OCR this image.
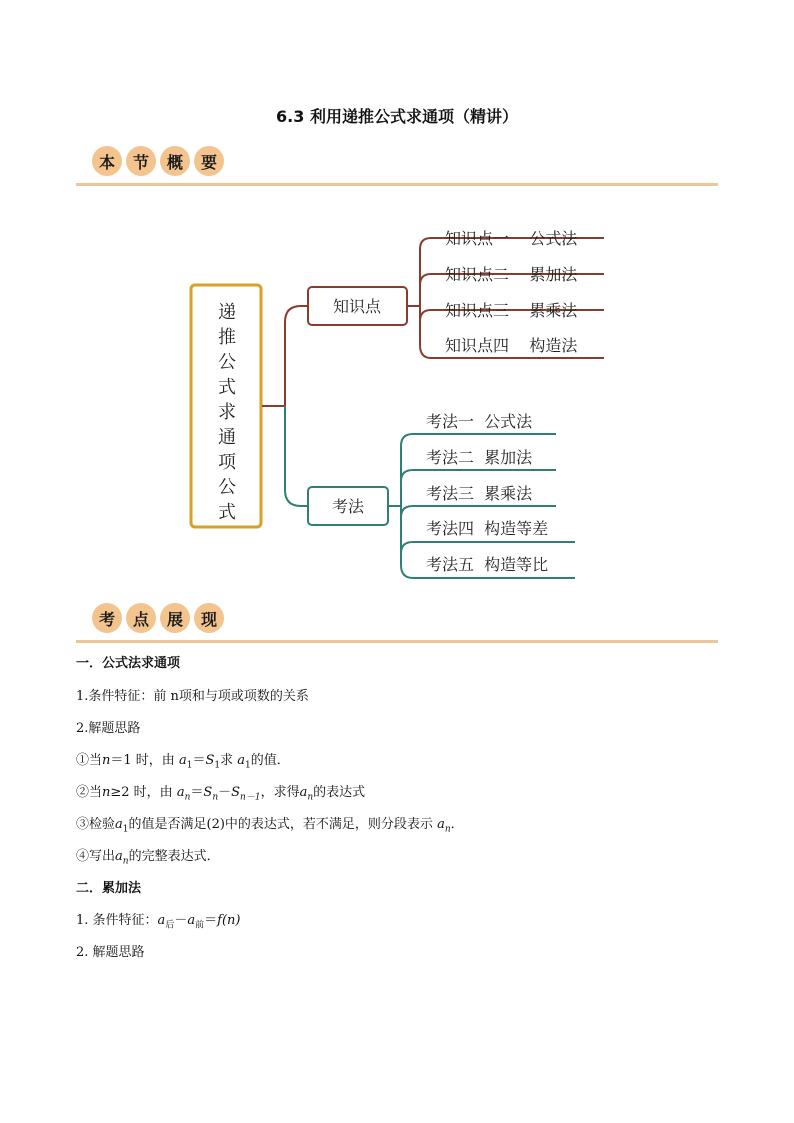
6.3 利用递推公式求通项（精讲）
本	节	概	要
递
推
公
式
求
通
项
公
式
知识点
知识点一    公式法
知识点二    累加法
知识点三    累乘法
知识点四    构造法
考法
考法一  公式法
考法二  累加法
考法三  累乘法
考法四  构造等差
考法五  构造等比
考	点	展	现
一．公式法求通项
1.条件特征：前 n项和与项或项数的关系
2.解题思路
①当n＝1 时，由 $a_1=S_1$求 $a_1$的值．
②当n≥2 时，由 $a_n=S_n-S_{n-1}$，求得$a_n$的表达式
③检验$a_1$的值是否满足(2)中的表达式，若不满足，则分段表示 $a_n$．
④写出$a_n$的完整表达式．
二．累加法
1. 条件特征：$a_后-a_前=f(n)$
2. 解题思路
